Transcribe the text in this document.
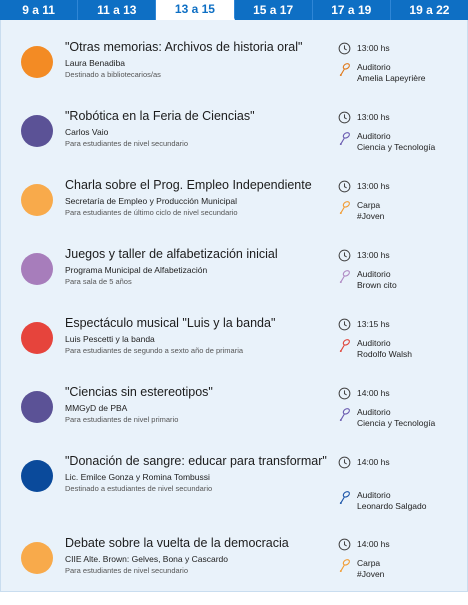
9 a 11	11 a 13	13 a 15	15 a 17	17 a 19	19 a 22
"Otras memorias: Archivos de historia oral"
Laura Benadiba
Destinado a bibliotecarios/as
13:00 hs
Auditorio
Amelia Lapeyrière
"Robótica en la Feria de Ciencias"
Carlos Vaio
Para estudiantes de nivel secundario
13:00 hs
Auditorio
Ciencia y Tecnología
Charla sobre el Prog. Empleo Independiente
Secretaría de Empleo y Producción Municipal
Para estudiantes de último ciclo de nivel secundario
13:00 hs
Carpa
#Joven
Juegos y taller de alfabetización inicial
Programa Municipal de Alfabetización
Para sala de 5 años
13:00 hs
Auditorio
Brown cito
Espectáculo musical "Luis y la banda"
Luis Pescetti y la banda
Para estudiantes de segundo a sexto año de primaria
13:15 hs
Auditorio
Rodolfo Walsh
"Ciencias sin estereotipos"
MMGyD de PBA
Para estudiantes de nivel primario
14:00 hs
Auditorio
Ciencia y Tecnología
"Donación de sangre: educar para transformar"
Lic. Emilce Gonza y Romina Tombussi
Destinado a estudiantes de nivel secundario
14:00 hs
Auditorio
Leonardo Salgado
Debate sobre la vuelta de la democracia
CIIE Alte. Brown: Gelves, Bona y Cascardo
Para estudiantes de nivel secundario
14:00 hs
Carpa
#Joven
